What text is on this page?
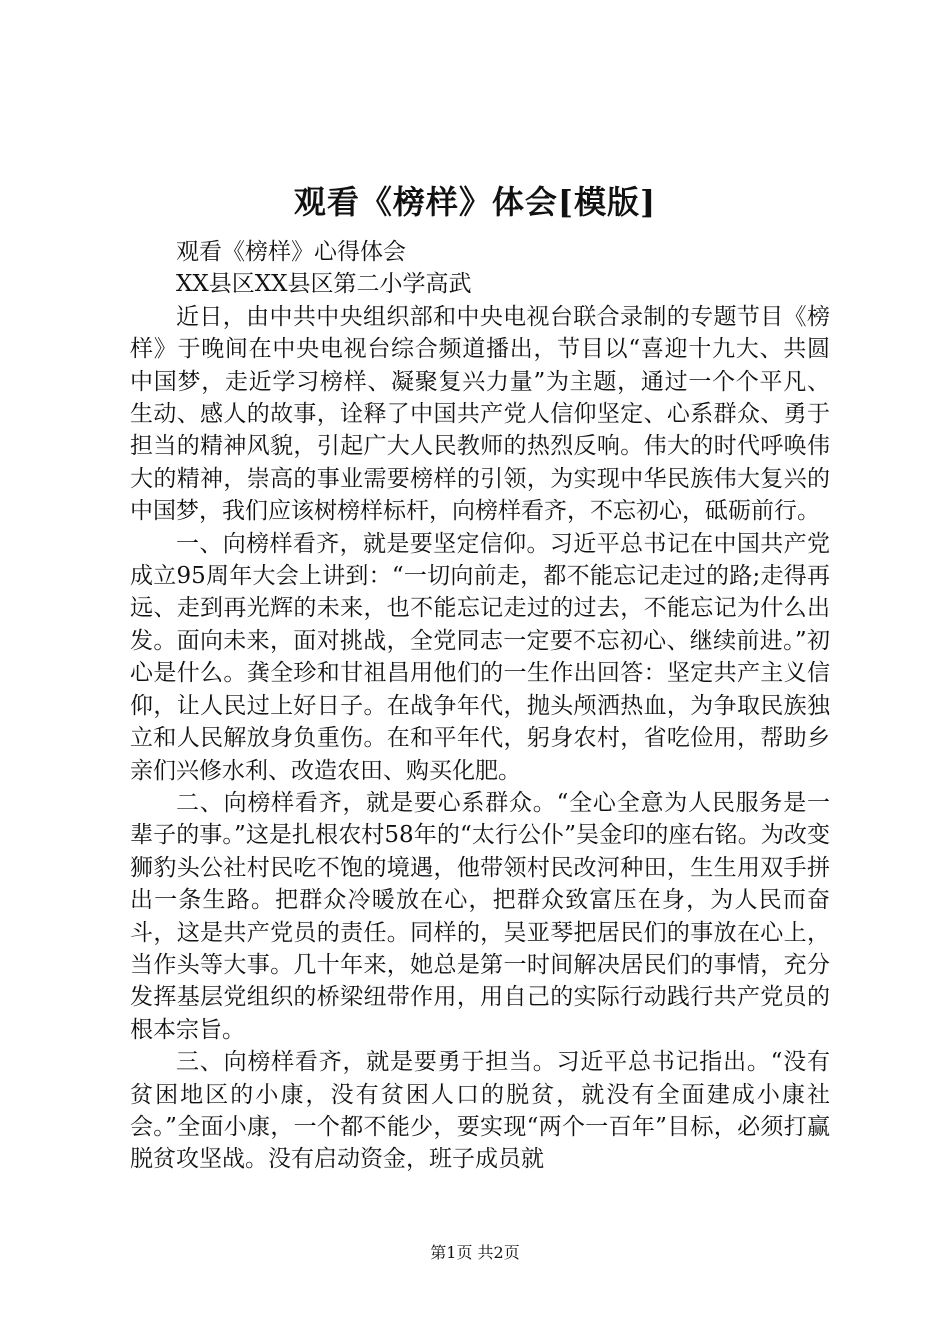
观看《榜样》体会[模版]

观看《榜样》心得体会

XX县区XX县区第二小学高武

近日，由中共中央组织部和中央电视台联合录制的专题节目《榜样》于晚间在中央电视台综合频道播出，节目以“喜迎十九大、共圆中国梦，走近学习榜样、凝聚复兴力量”为主题，通过一个个平凡、生动、感人的故事，诠释了中国共产党人信仰坚定、心系群众、勇于担当的精神风貌，引起广大人民教师的热烈反响。伟大的时代呼唤伟大的精神，崇高的事业需要榜样的引领，为实现中华民族伟大复兴的中国梦，我们应该树榜样标杆，向榜样看齐，不忘初心，砥砺前行。

一、向榜样看齐，就是要坚定信仰。习近平总书记在中国共产党成立95周年大会上讲到：“一切向前走，都不能忘记走过的路;走得再远、走到再光辉的未来，也不能忘记走过的过去，不能忘记为什么出发。面向未来，面对挑战，全党同志一定要不忘初心、继续前进。”初心是什么。龚全珍和甘祖昌用他们的一生作出回答：坚定共产主义信仰，让人民过上好日子。在战争年代，抛头颅洒热血，为争取民族独立和人民解放身负重伤。在和平年代，躬身农村，省吃俭用，帮助乡亲们兴修水利、改造农田、购买化肥。

二、向榜样看齐，就是要心系群众。“全心全意为人民服务是一辈子的事。”这是扎根农村58年的“太行公仆”吴金印的座右铭。为改变狮豹头公社村民吃不饱的境遇，他带领村民改河种田，生生用双手拼出一条生路。把群众冷暖放在心，把群众致富压在身，为人民而奋斗，这是共产党员的责任。同样的，吴亚琴把居民们的事放在心上，当作头等大事。几十年来，她总是第一时间解决居民们的事情，充分发挥基层党组织的桥梁纽带作用，用自己的实际行动践行共产党员的根本宗旨。

三、向榜样看齐，就是要勇于担当。习近平总书记指出。“没有贫困地区的小康，没有贫困人口的脱贫，就没有全面建成小康社会。”全面小康，一个都不能少，要实现“两个一百年”目标，必须打赢脱贫攻坚战。没有启动资金，班子成员就

第1页 共2页
